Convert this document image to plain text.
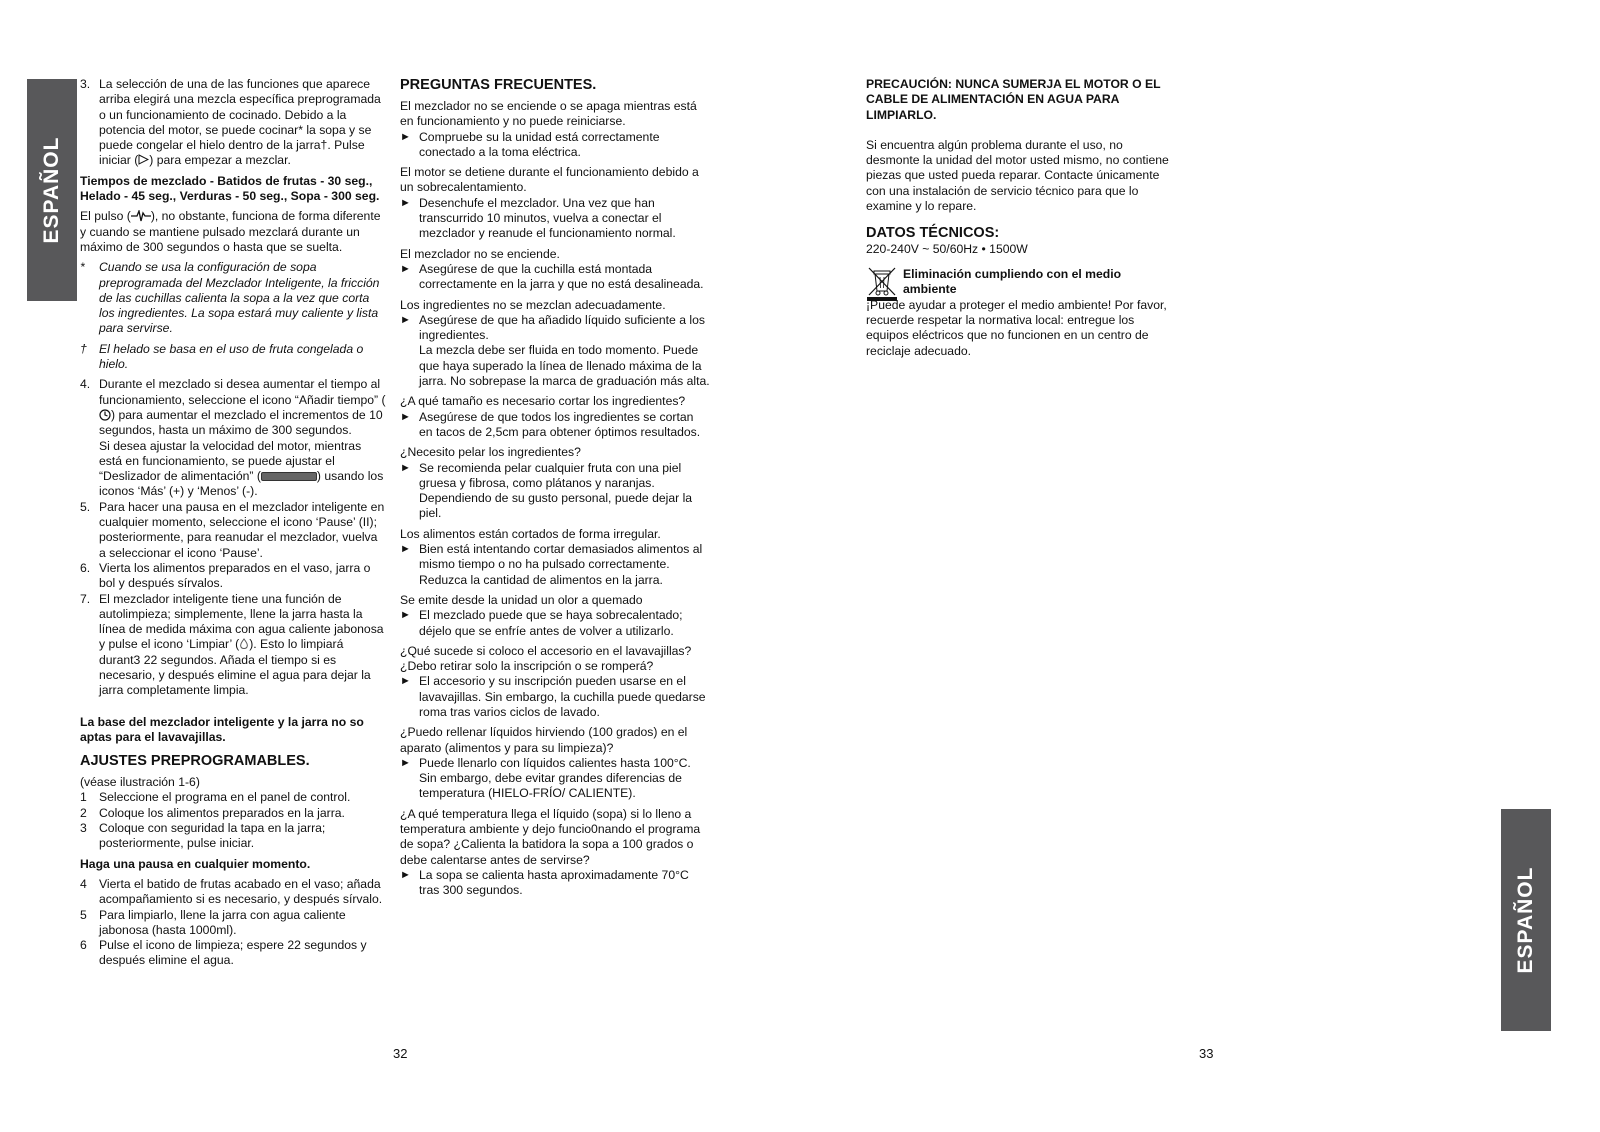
ESPAÑOL
ESPAÑOL
3. La selección de una de las funciones que aparece arriba elegirá una mezcla específica preprogramada o un funcionamiento de cocinado. Debido a la potencia del motor, se puede cocinar* la sopa y se puede congelar el hielo dentro de la jarra†. Pulse iniciar ( ) para empezar a mezclar.

Tiempos de mezclado - Batidos de frutas - 30 seg., Helado - 45 seg., Verduras - 50 seg., Sopa - 300 seg.

El pulso ( ), no obstante, funciona de forma diferente y cuando se mantiene pulsado mezclará durante un máximo de 300 segundos o hasta que se suelta.

*	Cuando se usa la configuración de sopa preprogramada del Mezclador Inteligente, la fricción de las cuchillas calienta la sopa a la vez que corta los ingredientes. La sopa estará muy caliente y lista para servirse.
†	El helado se basa en el uso de fruta congelada o hielo.
4. Durante el mezclado si desea aumentar el tiempo al funcionamiento, seleccione el icono “Añadir tiempo” () para aumentar el mezclado el incrementos de 10 segundos, hasta un máximo de 300 segundos.
Si desea ajustar la velocidad del motor, mientras está en funcionamiento, se puede ajustar el “Deslizador de alimentación” (	) usando los iconos ‘Más’ (+) y ‘Menos’ (-).
5. Para hacer una pausa en el mezclador inteligente en cualquier momento, seleccione el icono ‘Pause’ (II); posteriormente, para reanudar el mezclador, vuelva a seleccionar el icono ‘Pause’.
6. Vierta los alimentos preparados en el vaso, jarra o bol y después sírvalos.
7. El mezclador inteligente tiene una función de autolimpieza; simplemente, llene la jarra hasta la línea de medida máxima con agua caliente jabonosa y pulse el icono ‘Limpiar’ ( ). Esto lo limpiará durant3 22 segundos. Añada el tiempo si es necesario, y después elimine el agua para dejar la jarra completamente limpia.

La base del mezclador inteligente y la jarra no so aptas para el lavavajillas.

AJUSTES PREPROGRAMABLES.

(véase ilustración 1-6)

1	Seleccione el programa en el panel de control.
2	Coloque los alimentos preparados en la jarra.
3	Coloque con seguridad la tapa en la jarra; posteriormente, pulse iniciar.

Haga una pausa en cualquier momento.

4	Vierta el batido de frutas acabado en el vaso; añada acompañamiento si es necesario, y después sírvalo.
5	Para limpiarlo, llene la jarra con agua caliente jabonosa (hasta 1000ml).
6	Pulse el icono de limpieza; espere 22 segundos y después elimine el agua.

PREGUNTAS FRECUENTES.

El mezclador no se enciende o se apaga mientras está en funcionamiento y no puede reiniciarse.
► Compruebe su la unidad está correctamente conectado a la toma eléctrica.
El motor se detiene durante el funcionamiento debido a un sobrecalentamiento.
► Desenchufe el mezclador. Una vez que han transcurrido 10 minutos, vuelva a conectar el mezclador y reanude el funcionamiento normal.
El mezclador no se enciende.
► Asegúrese de que la cuchilla está montada correctamente en la jarra y que no está desalineada.
Los ingredientes no se mezclan adecuadamente.
► Asegúrese de que ha añadido líquido suficiente a los ingredientes.
La mezcla debe ser fluida en todo momento. Puede que haya superado la línea de llenado máxima de la jarra. No sobrepase la marca de graduación más alta.
¿A qué tamaño es necesario cortar los ingredientes?
► Asegúrese de que todos los ingredientes se cortan en tacos de 2,5cm para obtener óptimos resultados.
¿Necesito pelar los ingredientes?
► Se recomienda pelar cualquier fruta con una piel gruesa y fibrosa, como plátanos y naranjas. Dependiendo de su gusto personal, puede dejar la piel.
Los alimentos están cortados de forma irregular.
► Bien está intentando cortar demasiados alimentos al mismo tiempo o no ha pulsado correctamente. Reduzca la cantidad de alimentos en la jarra.
Se emite desde la unidad un olor a quemado
► El mezclado puede que se haya sobrecalentado; déjelo que se enfríe antes de volver a utilizarlo.
¿Qué sucede si coloco el accesorio en el lavavajillas? ¿Debo retirar solo la inscripción o se romperá?
► El accesorio y su inscripción pueden usarse en el lavavajillas. Sin embargo, la cuchilla puede quedarse roma tras varios ciclos de lavado.
¿Puedo rellenar líquidos hirviendo (100 grados) en el aparato (alimentos y para su limpieza)?
► Puede llenarlo con líquidos calientes hasta 100°C. Sin embargo, debe evitar grandes diferencias de temperatura (HIELO-FRÍO/ CALIENTE).
¿A qué temperatura llega el líquido (sopa) si lo lleno a temperatura ambiente y dejo funcio0nando el programa de sopa? ¿Calienta la batidora la sopa a 100 grados o debe calentarse antes de servirse?
► La sopa se calienta hasta aproximadamente 70°C tras 300 segundos.

PRECAUCIÓN: NUNCA SUMERJA EL MOTOR O EL CABLE DE ALIMENTACIÓN EN AGUA PARA LIMPIARLO.

Si encuentra algún problema durante el uso, no desmonte la unidad del motor usted mismo, no contiene piezas que usted pueda reparar. Contacte únicamente con una instalación de servicio técnico para que lo examine y lo repare.

DATOS TÉCNICOS:

220-240V ~ 50/60Hz • 1500W

Eliminación cumpliendo con el medio ambiente

¡Puede ayudar a proteger el medio ambiente! Por favor, recuerde respetar la normativa local: entregue los equipos eléctricos que no funcionen en un centro de reciclaje adecuado.

32	33
